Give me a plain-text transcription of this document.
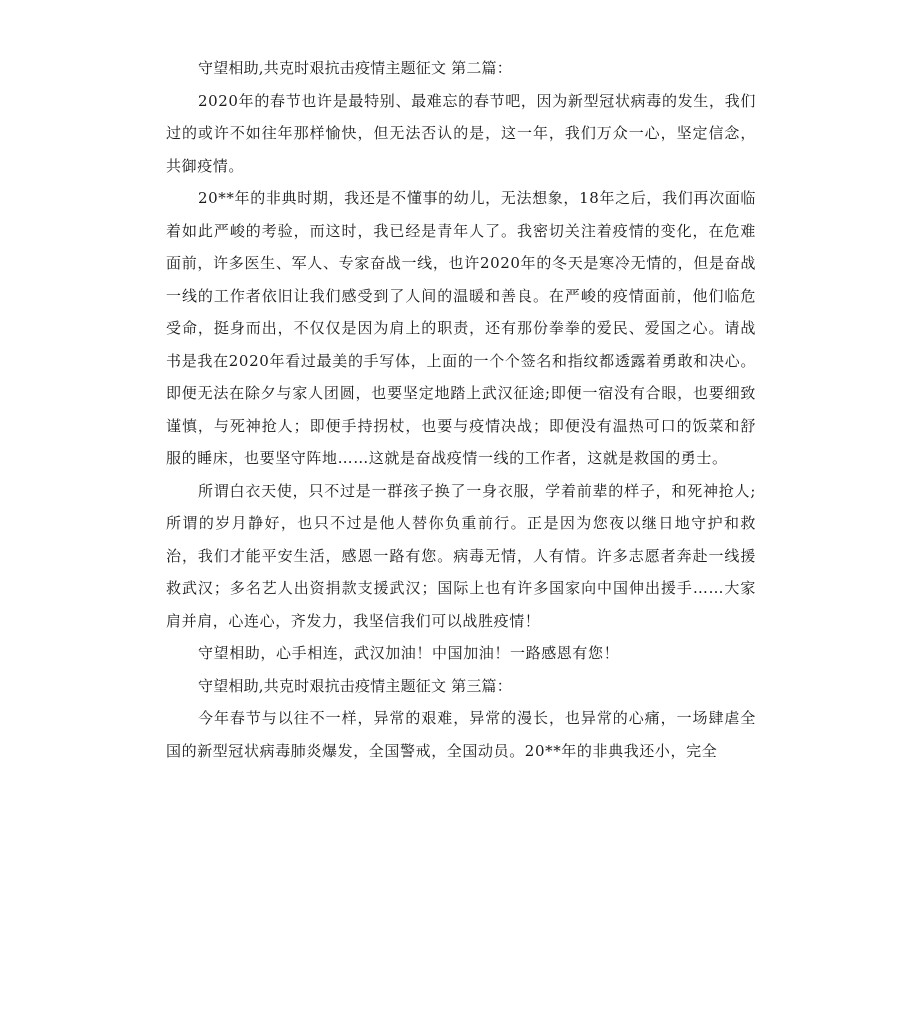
守望相助,共克时艰抗击疫情主题征文 第二篇：

2020年的春节也许是最特别、最难忘的春节吧，因为新型冠状病毒的发生，我们过的或许不如往年那样愉快，但无法否认的是，这一年，我们万众一心，坚定信念，共御疫情。

20**年的非典时期，我还是不懂事的幼儿，无法想象，18年之后，我们再次面临着如此严峻的考验，而这时，我已经是青年人了。我密切关注着疫情的变化，在危难面前，许多医生、军人、专家奋战一线，也许2020年的冬天是寒冷无情的，但是奋战一线的工作者依旧让我们感受到了人间的温暖和善良。在严峻的疫情面前，他们临危受命，挺身而出，不仅仅是因为肩上的职责，还有那份拳拳的爱民、爱国之心。请战书是我在2020年看过最美的手写体，上面的一个个签名和指纹都透露着勇敢和决心。即便无法在除夕与家人团圆，也要坚定地踏上武汉征途;即便一宿没有合眼，也要细致谨慎，与死神抢人；即便手持拐杖，也要与疫情决战；即便没有温热可口的饭菜和舒服的睡床，也要坚守阵地……这就是奋战疫情一线的工作者，这就是救国的勇士。

所谓白衣天使，只不过是一群孩子换了一身衣服，学着前辈的样子，和死神抢人;所谓的岁月静好，也只不过是他人替你负重前行。正是因为您夜以继日地守护和救治，我们才能平安生活，感恩一路有您。病毒无情，人有情。许多志愿者奔赴一线援救武汉；多名艺人出资捐款支援武汉；国际上也有许多国家向中国伸出援手……大家肩并肩，心连心，齐发力，我坚信我们可以战胜疫情！

守望相助，心手相连，武汉加油！中国加油！一路感恩有您！

守望相助,共克时艰抗击疫情主题征文 第三篇：

今年春节与以往不一样，异常的艰难，异常的漫长，也异常的心痛，一场肆虐全国的新型冠状病毒肺炎爆发，全国警戒，全国动员。20**年的非典我还小，完全
